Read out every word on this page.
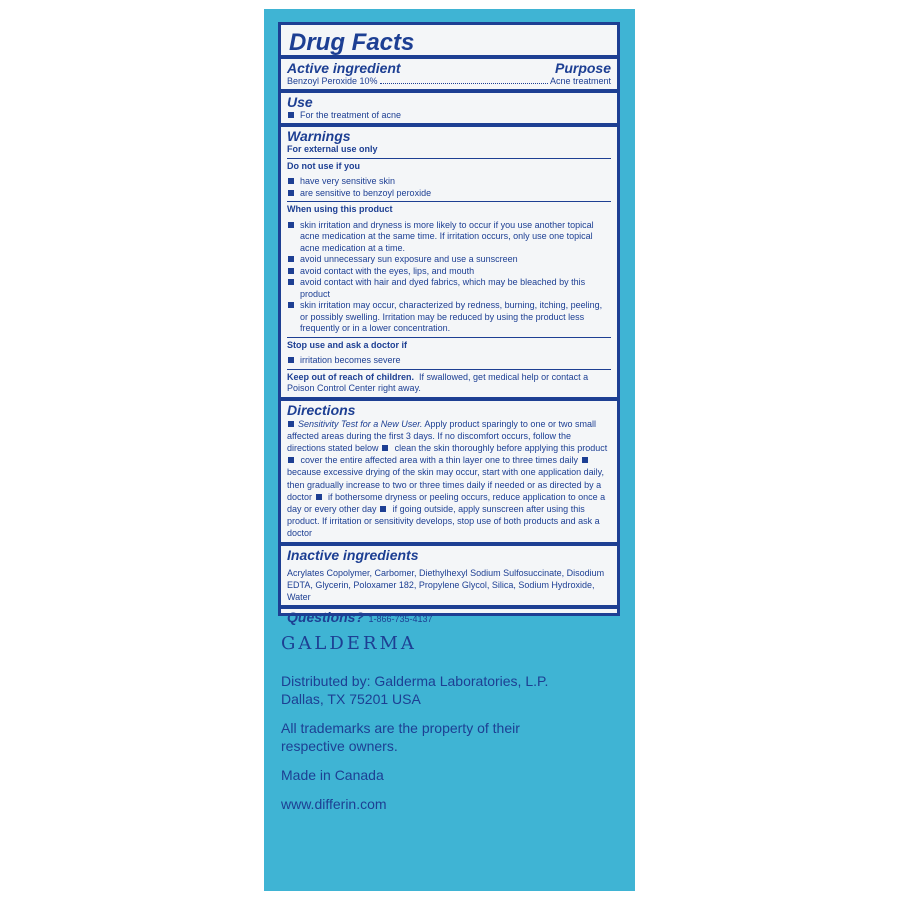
Drug Facts
Active ingredient	Purpose
Benzoyl Peroxide 10%	Acne treatment
Use
For the treatment of acne
Warnings
For external use only
Do not use if you
have very sensitive skin
are sensitive to benzoyl peroxide
When using this product
skin irritation and dryness is more likely to occur if you use another topical acne medication at the same time. If irritation occurs, only use one topical acne medication at a time.
avoid unnecessary sun exposure and use a sunscreen
avoid contact with the eyes, lips, and mouth
avoid contact with hair and dyed fabrics, which may be bleached by this product
skin irritation may occur, characterized by redness, burning, itching, peeling, or possibly swelling. Irritation may be reduced by using the product less frequently or in a lower concentration.
Stop use and ask a doctor if
irritation becomes severe
Keep out of reach of children. If swallowed, get medical help or contact a Poison Control Center right away.
Directions
Sensitivity Test for a New User. Apply product sparingly to one or two small affected areas during the first 3 days. If no discomfort occurs, follow the directions stated below  clean the skin thoroughly before applying this product  cover the entire affected area with a thin layer one to three times daily  because excessive drying of the skin may occur, start with one application daily, then gradually increase to two or three times daily if needed or as directed by a doctor  if bothersome dryness or peeling occurs, reduce application to once a day or every other day  if going outside, apply sunscreen after using this product. If irritation or sensitivity develops, stop use of both products and ask a doctor
Inactive ingredients
Acrylates Copolymer, Carbomer, Diethylhexyl Sodium Sulfosuccinate, Disodium EDTA, Glycerin, Poloxamer 182, Propylene Glycol, Silica, Sodium Hydroxide, Water
Questions? 1-866-735-4137
GALDERMA
Distributed by: Galderma Laboratories, L.P.
Dallas, TX 75201 USA
All trademarks are the property of their
respective owners.
Made in Canada
www.differin.com
